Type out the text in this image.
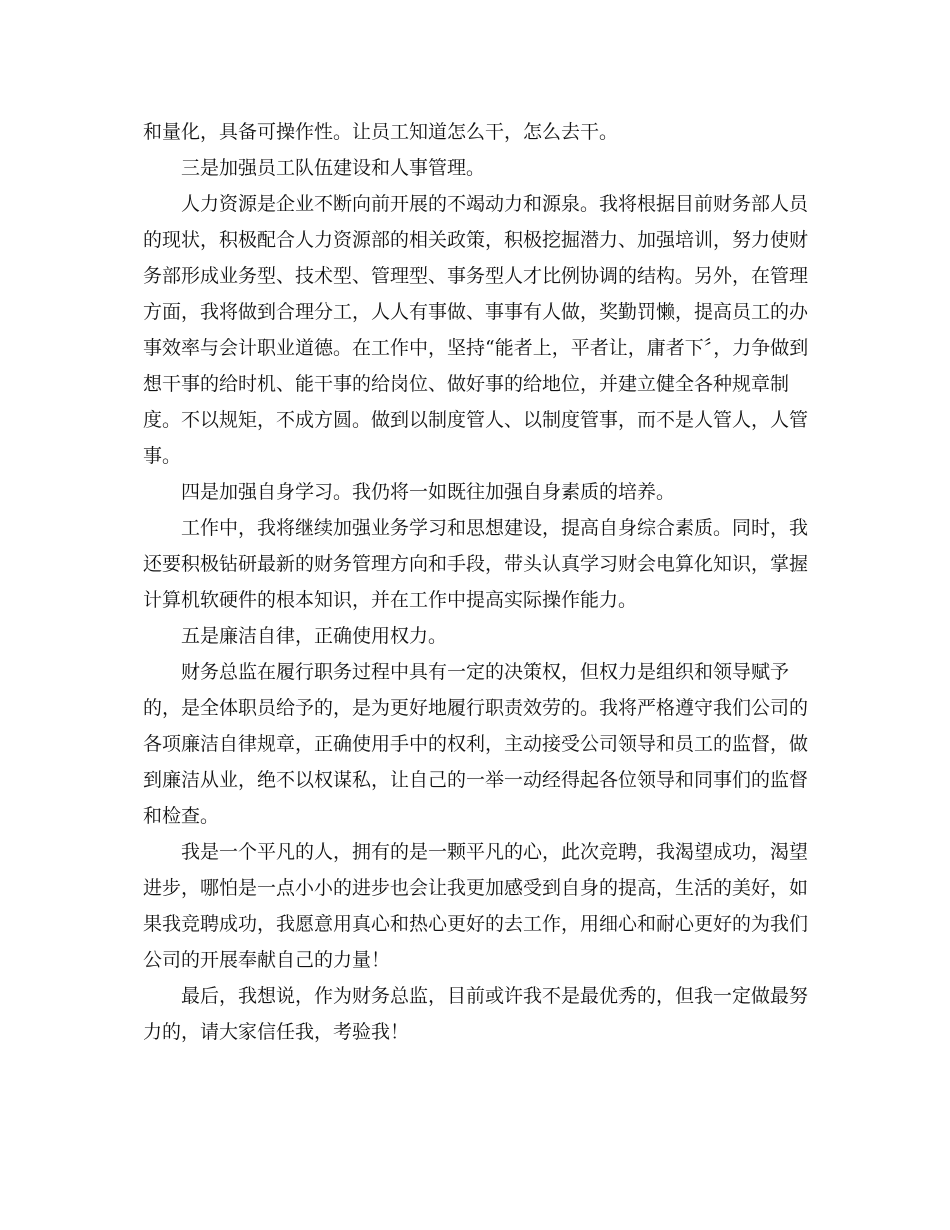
和量化，具备可操作性。让员工知道怎么干，怎么去干。
三是加强员工队伍建设和人事管理。
人力资源是企业不断向前开展的不竭动力和源泉。我将根据目前财务部人员
的现状，积极配合人力资源部的相关政策，积极挖掘潜力、加强培训，努力使财
务部形成业务型、技术型、管理型、事务型人才比例协调的结构。另外，在管理
方面，我将做到合理分工，人人有事做、事事有人做，奖勤罚懒，提高员工的办
事效率与会计职业道德。在工作中，坚持“能者上，平者让，庸者下〞，力争做到
想干事的给时机、能干事的给岗位、做好事的给地位，并建立健全各种规章制
度。不以规矩，不成方圆。做到以制度管人、以制度管事，而不是人管人，人管
事。
四是加强自身学习。我仍将一如既往加强自身素质的培养。
工作中，我将继续加强业务学习和思想建设，提高自身综合素质。同时，我
还要积极钻研最新的财务管理方向和手段，带头认真学习财会电算化知识，掌握
计算机软硬件的根本知识，并在工作中提高实际操作能力。
五是廉洁自律，正确使用权力。
财务总监在履行职务过程中具有一定的决策权，但权力是组织和领导赋予
的，是全体职员给予的，是为更好地履行职责效劳的。我将严格遵守我们公司的
各项廉洁自律规章，正确使用手中的权利，主动接受公司领导和员工的监督，做
到廉洁从业，绝不以权谋私，让自己的一举一动经得起各位领导和同事们的监督
和检查。
我是一个平凡的人，拥有的是一颗平凡的心，此次竞聘，我渴望成功，渴望
进步，哪怕是一点小小的进步也会让我更加感受到自身的提高，生活的美好，如
果我竞聘成功，我愿意用真心和热心更好的去工作，用细心和耐心更好的为我们
公司的开展奉献自己的力量！
最后，我想说，作为财务总监，目前或许我不是最优秀的，但我一定做最努
力的，请大家信任我，考验我！
